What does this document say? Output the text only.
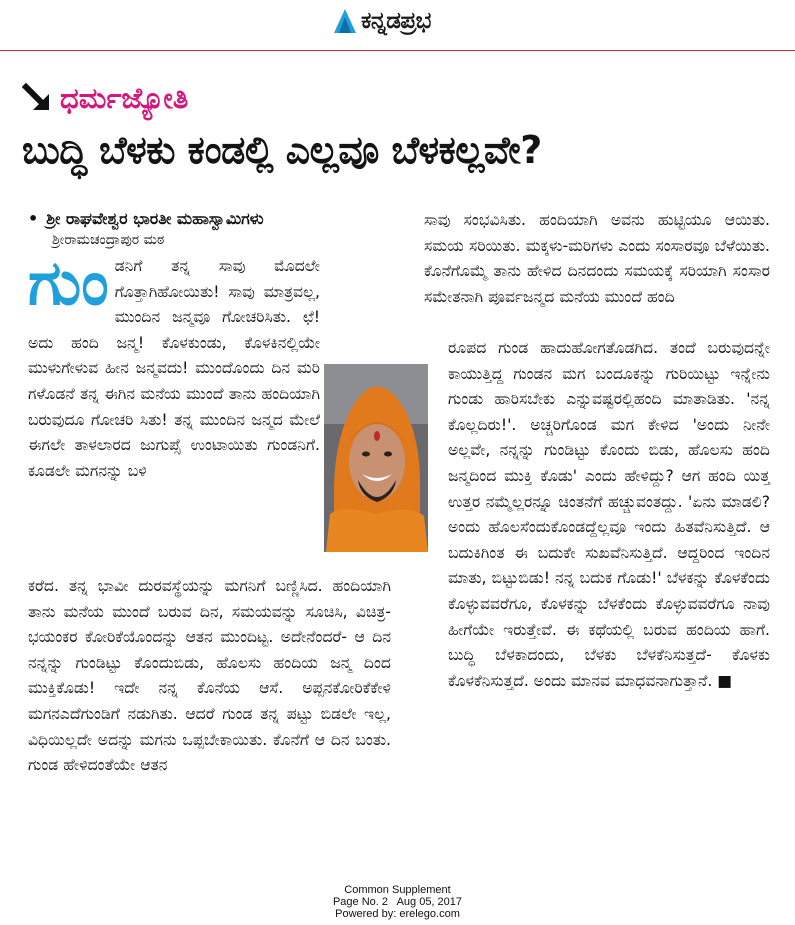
ಕನ್ನಡಪ್ರಭ
ಧರ್ಮಜ್ಯೋತಿ
ಬುದ್ಧಿ ಬೆಳಕು ಕಂಡಲ್ಲಿ ಎಲ್ಲವೂ ಬೆಳಕಲ್ಲವೇ?
• ಶ್ರೀ ರಾಘವೇಶ್ವರ ಭಾರತೀ ಮಹಾಸ್ವಾಮಿಗಳು
ಶ್ರೀರಾಮಚಂದ್ರಾಪುರ ಮಠ

ಗುಂಡನಿಗೆ ತನ್ನ ಸಾವು ಮೊದಲೇ ಗೊತ್ತಾಗಿಹೋಯಿತು! ಸಾವು ಮಾತ್ರವಲ್ಲ, ಮುಂದಿನ ಜನ್ಮವೂ ಗೋಚರಿಸಿತು. ಛೆ! ಅದು ಹಂದಿ ಜನ್ಮ! ಕೊಳಕುಂಡು, ಕೊಳಕಿನಲ್ಲಿಯೇ ಮುಳುಗೇಳುವ ಹೀನ ಜನ್ಮವದು! ಮುಂದೊಂದು ದಿನ ಮರಿ ಗಳೊಡನೆ ತನ್ನ ಈಗಿನ ಮನೆಯ ಮುಂದೆ ತಾನು ಹಂದಿಯಾಗಿ ಬರುವುದೂ ಗೋಚರಿ ಸಿತು! ತನ್ನ ಮುಂದಿನ ಜನ್ಮದ ಮೇಲೆ ಈಗಲೇ ತಾಳಲಾರದ ಜುಗುಪ್ಸೆ ಉಂಟಾಯಿತು ಗುಂಡನಿಗೆ. ಕೂಡಲೇ ಮಗನನ್ನು ಬಳಿ

ಕರೆದ. ತನ್ನ ಭಾವೀ ದುರವಸ್ಥೆಯನ್ನು ಮಗನಿಗೆ ಬಣ್ಣಿಸಿದ. ಹಂದಿಯಾಗಿ ತಾನು ಮನೆಯ ಮುಂದೆ ಬರುವ ದಿನ, ಸಮಯವನ್ನು ಸೂಚಿಸಿ, ವಿಚಿತ್ರ-ಭಯಂಕರ ಕೋರಿಕೆಯೊಂದನ್ನು ಆತನ ಮುಂದಿಟ್ಟ. ಅದೇನೆಂದರೆ- ಆ ದಿನ ನನ್ನನ್ನು ಗುಂಡಿಟ್ಟು ಕೊಂದುಬಿಡು, ಹೊಲಸು ಹಂದಿಯ ಜನ್ಮ ದಿಂದ ಮುಕ್ತಿಕೊಡು! ಇದೇ ನನ್ನ ಕೊನೆಯ ಆಸೆ. ಅಪ್ಪನಕೋರಿಕೆಕೇಳಿ ಮಗನಎದೆಗುಂಡಿಗೆ ನಡುಗಿತು. ಆದರೆ ಗುಂಡ ತನ್ನ ಪಟ್ಟು ಬಿಡಲೇ ಇಲ್ಲ, ವಿಧಿಯಿಲ್ಲದೇ ಅದನ್ನು ಮಗನು ಒಪ್ಪಬೇಕಾಯಿತು. ಕೊನೆಗೆ ಆ ದಿನ ಬಂತು. ಗುಂಡ ಹೇಳಿದಂತೆಯೇ ಆತನ

ಸಾವು ಸಂಭವಿಸಿತು. ಹಂದಿಯಾಗಿ ಅವನು ಹುಟ್ಟಿಯೂ ಆಯಿತು. ಸಮಯ ಸರಿಯಿತು. ಮಕ್ಕಳು-ಮರಿಗಳು ಎಂದು ಸಂಸಾರವೂ ಬೆಳೆಯಿತು. ಕೊನೆಗೊಮ್ಮೆ ತಾನು ಹೇಳಿದ ದಿನದಂದು ಸಮಯಕ್ಕೆ ಸರಿಯಾಗಿ ಸಂಸಾರ ಸಮೇತನಾಗಿ ಪೂರ್ವಜನ್ಮದ ಮನೆಯ ಮುಂದೆ ಹಂದಿ

ರೂಪದ ಗುಂಡ ಹಾದುಹೋಗತೊಡಗಿದ. ತಂದೆ ಬರುವುದನ್ನೇ ಕಾಯುತ್ತಿದ್ದ ಗುಂಡನ ಮಗ ಬಂದೂಕನ್ನು ಗುರಿಯಿಟ್ಟು ಇನ್ನೇನು ಗುಂಡು ಹಾರಿಸಬೇಕು ಎನ್ನುವಷ್ಟರಲ್ಲಿಹಂದಿ ಮಾತಾಡಿತು. 'ನನ್ನ ಕೊಲ್ಲದಿರು!'. ಅಚ್ಚರಿಗೊಂಡ ಮಗ ಕೇಳಿದ 'ಅಂದು ನೀನೇ ಅಲ್ಲವೇ, ನನ್ನನ್ನು ಗುಂಡಿಟ್ಟು ಕೊಂದು ಬಿಡು, ಹೊಲಸು ಹಂದಿ ಜನ್ಮದಿಂದ ಮುಕ್ತಿ ಕೊಡು' ಎಂದು ಹೇಳಿದ್ದು? ಆಗ ಹಂದಿ ಯಿತ್ತ ಉತ್ತರ ನಮ್ಮೆಲ್ಲರನ್ನೂ ಚಿಂತನೆಗೆ ಹಚ್ಚುವಂತದ್ದು. 'ಏನು ಮಾಡಲಿ? ಅಂದು ಹೊಲಸೆಂದುಕೊಂಡದ್ದೆಲ್ಲವೂ ಇಂದು ಹಿತವೆನಿಸುತ್ತಿದೆ. ಆ ಬದುಕಿಗಿಂತ ಈ ಬದುಕೇ ಸುಖವೆನಿಸುತ್ತಿದೆ. ಆದ್ದರಿಂದ ಇಂದಿನ ಮಾತು, ಬಿಟ್ಟುಬಿಡು! ನನ್ನ ಬದುಕ ಗೊಡು!' ಬೆಳಕನ್ನು ಕೊಳಕೆಂದು ಕೊಳ್ಳುವವರೆಗೂ, ಕೊಳಕನ್ನು ಬೆಳಕೆಂದು ಕೊಳ್ಳುವವರೆಗೂ ನಾವು ಹೀಗೆಯೇ ಇರುತ್ತೇವೆ. ಈ ಕಥೆಯಲ್ಲಿ ಬರುವ ಹಂದಿಯ ಹಾಗೆ. ಬುದ್ಧಿ ಬೆಳಕಾದಂದು, ಬೆಳಕು ಬೆಳಕೆನಿಸುತ್ತದೆ- ಕೊಳಕು ಕೊಳಕೆನಿಸುತ್ತದೆ. ಅಂದು ಮಾನವ ಮಾಧವನಾಗುತ್ತಾನೆ. ■

Common Supplement
Page No. 2   Aug 05, 2017
Powered by: erelego.com
